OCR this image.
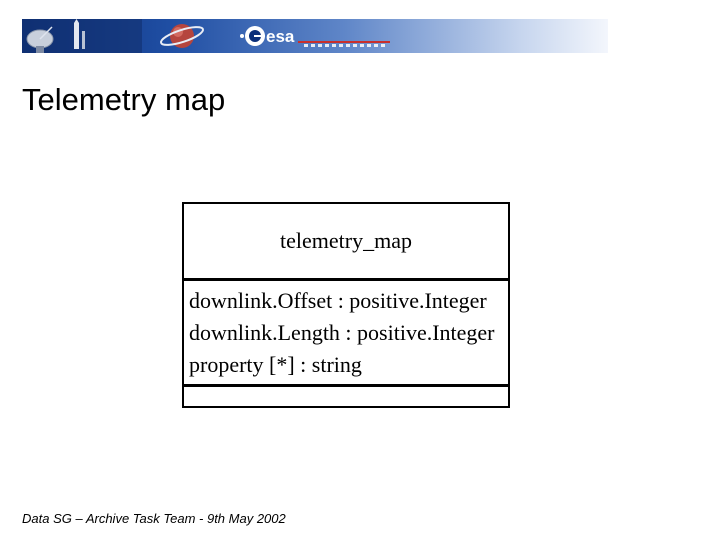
esa
Telemetry map
telemetry_map
downlink.Offset : positive.Integer
downlink.Length : positive.Integer
property [*] : string
Data SG – Archive Task Team - 9th May 2002
